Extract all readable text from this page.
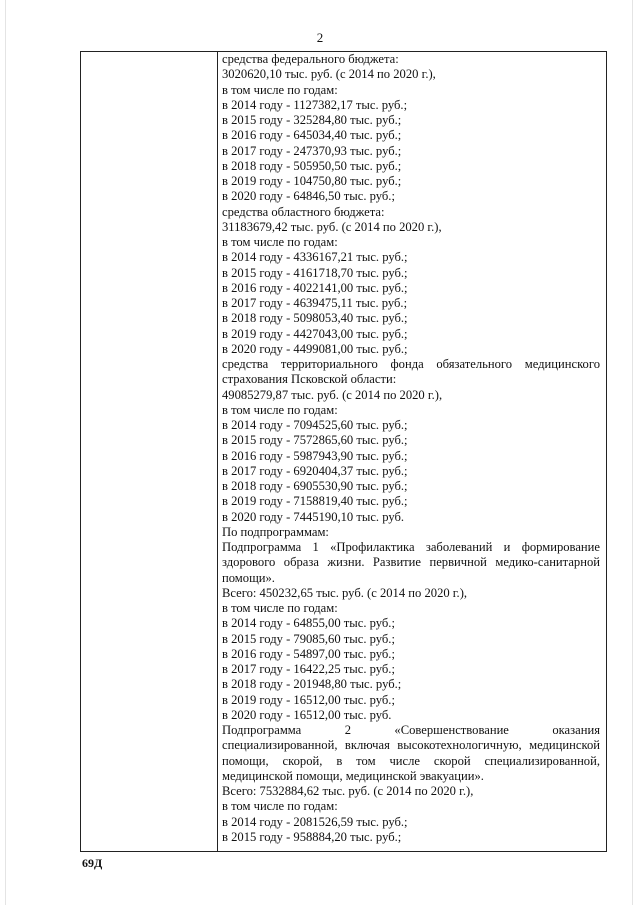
2
средства федерального бюджета:
3020620,10 тыс. руб. (с 2014 по 2020 г.),
в том числе по годам:
в 2014 году - 1127382,17 тыс. руб.;
в 2015 году - 325284,80 тыс. руб.;
в 2016 году - 645034,40 тыс. руб.;
в 2017 году - 247370,93 тыс. руб.;
в 2018 году - 505950,50 тыс. руб.;
в 2019 году - 104750,80 тыс. руб.;
в 2020 году - 64846,50 тыс. руб.;
средства областного бюджета:
31183679,42 тыс. руб. (с 2014 по 2020 г.),
в том числе по годам:
в 2014 году - 4336167,21 тыс. руб.;
в 2015 году - 4161718,70 тыс. руб.;
в 2016 году - 4022141,00 тыс. руб.;
в 2017 году - 4639475,11 тыс. руб.;
в 2018 году - 5098053,40 тыс. руб.;
в 2019 году - 4427043,00 тыс. руб.;
в 2020 году - 4499081,00 тыс. руб.;
средства территориального фонда обязательного медицинского
страхования Псковской области:
49085279,87 тыс. руб. (с 2014 по 2020 г.),
в том числе по годам:
в 2014 году - 7094525,60 тыс. руб.;
в 2015 году - 7572865,60 тыс. руб.;
в 2016 году - 5987943,90 тыс. руб.;
в 2017 году - 6920404,37 тыс. руб.;
в 2018 году - 6905530,90 тыс. руб.;
в 2019 году - 7158819,40 тыс. руб.;
в 2020 году - 7445190,10 тыс. руб.
По подпрограммам:
Подпрограмма 1 «Профилактика заболеваний и формирование
здорового образа жизни. Развитие первичной медико-санитарной
помощи».
Всего: 450232,65 тыс. руб. (с 2014 по 2020 г.),
в том числе по годам:
в 2014 году - 64855,00 тыс. руб.;
в 2015 году - 79085,60 тыс. руб.;
в 2016 году - 54897,00 тыс. руб.;
в 2017 году - 16422,25 тыс. руб.;
в 2018 году - 201948,80 тыс. руб.;
в 2019 году - 16512,00 тыс. руб.;
в 2020 году - 16512,00 тыс. руб.
Подпрограмма 2 «Совершенствование оказания
специализированной, включая высокотехнологичную, медицинской
помощи, скорой, в том числе скорой специализированной,
медицинской помощи, медицинской эвакуации».
Всего: 7532884,62 тыс. руб. (с 2014 по 2020 г.),
в том числе по годам:
в 2014 году - 2081526,59 тыс. руб.;
в 2015 году - 958884,20 тыс. руб.;
69Д
